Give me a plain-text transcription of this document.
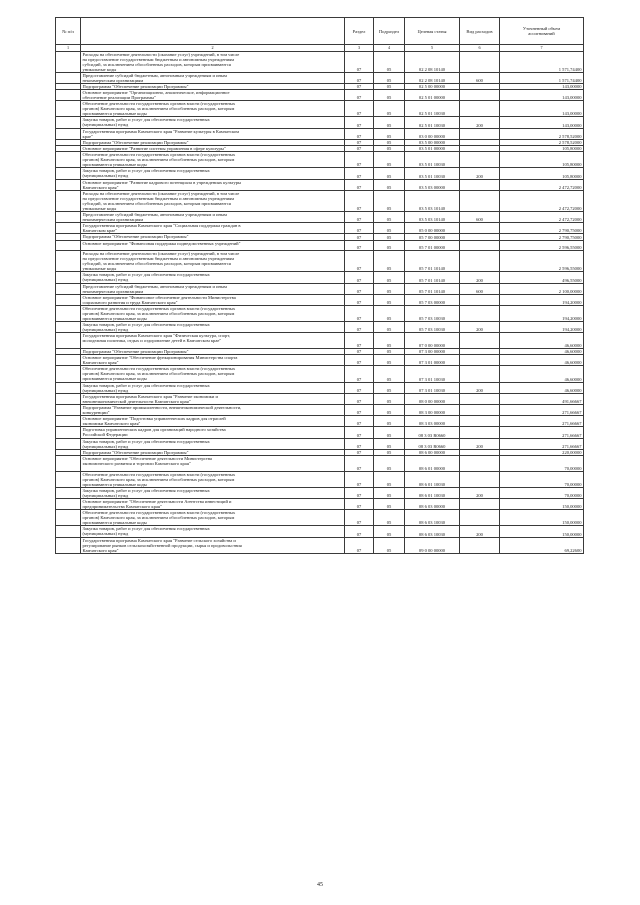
№ п/п		Раздел	Подраздел	Целевая статья	Вид расходов	Уточненный объем
ассигнований
1	2	3	4	5	6	7
	Расходы на обеспечение деятельности (оказание услуг) учреждений, в том числе
на предоставление государственным бюджетным и автономным учреждениям
субсидий, за исключением обособленных расходов, которым присваиваются
уникальные коды	07	05	02 2 08 10140		1 571,74400
	Предоставление субсидий бюджетным, автономным учреждениям и иным
некоммерческим организациям	07	05	02 2 08 10140	600	1 571,74400
	Подпрограмма "Обеспечение реализации Программы"	07	05	02 5 00 00000		143,00000
	Основное мероприятие "Организационно, аналитическое, информационное
обеспечение реализации Программы"	07	05	02 5 01 00000		143,00000
	Обеспечение деятельности государственных органов власти (государственных
органов) Камчатского края, за исключением обособленных расходов, которым
присваиваются уникальные коды	07	05	02 5 01 10030		143,00000
	Закупка товаров, работ и услуг для обеспечения государственных
(муниципальных) нужд	07	05	02 5 01 10030	200	143,00000
	Государственная программа Камчатского края "Развитие культуры в Камчатском
крае"	07	05	03 0 00 00000		2 578,52000
	Подпрограмма "Обеспечение реализации Программы"	07	05	03 5 00 00000		2 578,52000
	Основное мероприятие "Развитие системы управления в сфере культуры"	07	05	03 5 01 00000		105,80000
	Обеспечение деятельности государственных органов власти (государственных
органов) Камчатского края, за исключением обособленных расходов, которым
присваиваются уникальные коды	07	05	03 5 01 10030		105,80000
	Закупка товаров, работ и услуг для обеспечения государственных
(муниципальных) нужд	07	05	03 5 01 10030	200	105,80000
	Основное мероприятие "Развитие кадрового потенциала в учреждениях культуры
Камчатского края"	07	05	03 5 03 00000		2 472,72000
	Расходы на обеспечение деятельности (оказание услуг) учреждений, в том числе
на предоставление государственным бюджетным и автономным учреждениям
субсидий, за исключением обособленных расходов, которым присваиваются
уникальные коды	07	05	03 5 03 10140		2 472,72000
	Предоставление субсидий бюджетным, автономным учреждениям и иным
некоммерческим организациям	07	05	03 5 03 10140	600	2 472,72000
	Государственная программа Камчатского края "Социальная поддержка граждан в
Камчатском крае"	07	05	05 0 00 00000		2 790,75000
	Подпрограмма "Обеспечение реализации Программы"	07	05	05 7 00 00000		2 790,75000
	Основное мероприятие "Финансовая поддержка подведомственных учреждений"	07	05	05 7 01 00000		2 596,55000
	Расходы на обеспечение деятельности (оказание услуг) учреждений, в том числе
на предоставление государственным бюджетным и автономным учреждениям
субсидий, за исключением обособленных расходов, которым присваиваются
уникальные коды	07	05	05 7 01 10140		2 596,55000
	Закупка товаров, работ и услуг для обеспечения государственных
(муниципальных) нужд	07	05	05 7 01 10140	200	496,55000
	Предоставление субсидий бюджетным, автономным учреждениям и иным
некоммерческим организациям	07	05	05 7 01 10140	600	2 100,00000
	Основное мероприятие "Финансовое обеспечение деятельности Министерства
социального развития и труда Камчатского края"	07	05	05 7 03 00000		194,20000
	Обеспечение деятельности государственных органов власти (государственных
органов) Камчатского края, за исключением обособленных расходов, которым
присваиваются уникальные коды	07	05	05 7 03 10030		194,20000
	Закупка товаров, работ и услуг для обеспечения государственных
(муниципальных) нужд	07	05	05 7 03 10030	200	194,20000
	Государственная программа Камчатского края "Физическая культура, спорт,
молодежная политика, отдых и оздоровление детей в Камчатском крае"	07	05	07 0 00 00000		46,60000
	Подпрограмма "Обеспечение реализации Программы"	07	05	07 3 00 00000		46,60000
	Основное мероприятие "Обеспечение функционирования Министерства спорта
Камчатского края"	07	05	07 3 01 00000		46,60000
	Обеспечение деятельности государственных органов власти (государственных
органов) Камчатского края, за исключением обособленных расходов, которым
присваиваются уникальные коды	07	05	07 3 01 10030		46,60000
	Закупка товаров, работ и услуг для обеспечения государственных
(муниципальных) нужд	07	05	07 3 01 10030	200	46,60000
	Государственная программа Камчатского края "Развитие экономики и
внешнеэкономической деятельности Камчатского края"	07	05	08 0 00 00000		491,66667
	Подпрограмма "Развитие промышленности, внешнеэкономической деятельности,
конкуренции"	07	05	08 3 00 00000		271,66667
	Основное мероприятие "Подготовка управленческих кадров для отраслей
экономики Камчатского края"	07	05	08 3 03 00000		271,66667
	Подготовка управленческих кадров для организаций народного хозяйства
Российской Федерации	07	05	08 3 03 R0660		271,66667
	Закупка товаров, работ и услуг для обеспечения государственных
(муниципальных) нужд	07	05	08 3 03 R0660	200	271,66667
	Подпрограмма "Обеспечение реализации Программы"	07	05	08 6 00 00000		220,00000
	Основное мероприятие "Обеспечение деятельности Министерства
экономического развития и торговли Камчатского края"	07	05	08 6 01 00000		70,00000
	Обеспечение деятельности государственных органов власти (государственных
органов) Камчатского края, за исключением обособленных расходов, которым
присваиваются уникальные коды	07	05	08 6 01 10030		70,00000
	Закупка товаров, работ и услуг для обеспечения государственных
(муниципальных) нужд	07	05	08 6 01 10030	200	70,00000
	Основное мероприятие "Обеспечение деятельности Агентства инвестиций и
предпринимательства Камчатского края"	07	05	08 6 03 00000		150,00000
	Обеспечение деятельности государственных органов власти (государственных
органов) Камчатского края, за исключением обособленных расходов, которым
присваиваются уникальные коды	07	05	08 6 03 10030		150,00000
	Закупка товаров, работ и услуг для обеспечения государственных
(муниципальных) нужд	07	05	08 6 03 10030	200	150,00000
	Государственная программа Камчатского края "Развитие сельского хозяйства и
регулирование рынков сельскохозяйственной продукции, сырья и продовольствия
Камчатского края"	07	05	09 0 00 00000		69,22600
45
